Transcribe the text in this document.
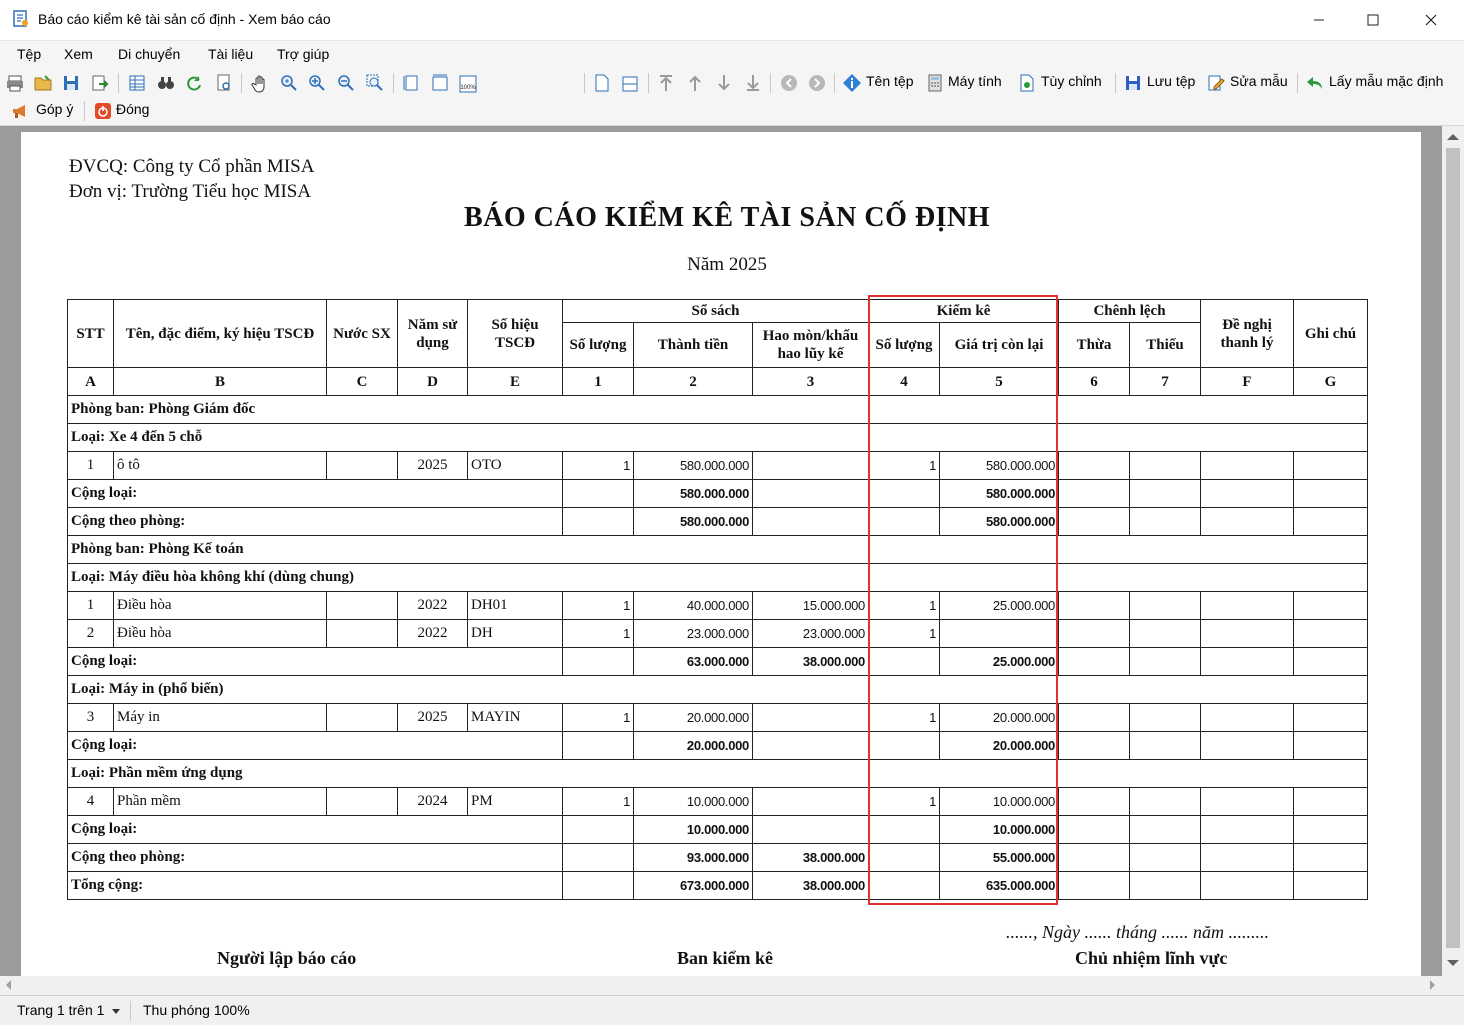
Báo cáo kiểm kê tài sản cố định - Xem báo cáo
Tệp Xem Di chuyển Tài liệu Trợ giúp
100%	Tên tệp Máy tính	Tùy chỉnh	Lưu tệp Sửa mẫu	Lấy mẫu mặc định
Góp ý	Đóng
ĐVCQ: Công ty Cổ phần MISA
Đơn vị: Trường Tiểu học MISA
BÁO CÁO KIỂM KÊ TÀI SẢN CỐ ĐỊNH
Năm 2025
STT	Tên, đặc điểm, ký hiệu TSCĐ	Nước SX	Năm sử dụng	Số hiệu TSCĐ	Sổ sách			Kiểm kê		Chênh lệch		Đề nghị thanh lý	Ghi chú
					Số lượng	Thành tiền	Hao mòn/khấu hao lũy kế	Số lượng	Giá trị còn lại	Thừa	Thiếu		
A	B	C	D	E	1	2	3	4	5	6	7	F	G
Phòng ban: Phòng Giám đốc													
Loại: Xe 4 đến 5 chỗ													
1	ô tô		2025	OTO	1	580.000.000		1	580.000.000				
Cộng loại:						580.000.000			580.000.000				
Cộng theo phòng:						580.000.000			580.000.000				
Phòng ban: Phòng Kế toán													
Loại: Máy điều hòa không khí (dùng chung)													
1	Điều hòa		2022	DH01	1	40.000.000	15.000.000	1	25.000.000				
2	Điều hòa		2022	DH	1	23.000.000	23.000.000	1					
Cộng loại:						63.000.000	38.000.000		25.000.000				
Loại: Máy in (phổ biến)													
3	Máy in		2025	MAYIN	1	20.000.000		1	20.000.000				
Cộng loại:						20.000.000			20.000.000				
Loại: Phần mềm ứng dụng													
4	Phần mềm		2024	PM	1	10.000.000		1	10.000.000				
Cộng loại:						10.000.000			10.000.000				
Cộng theo phòng:						93.000.000	38.000.000		55.000.000				
Tổng cộng:						673.000.000	38.000.000		635.000.000				
......, Ngày ...... tháng ...... năm .........
Người lập báo cáo	Ban kiểm kê	Chủ nhiệm lĩnh vực
Trang 1 trên 1	Thu phóng 100%
